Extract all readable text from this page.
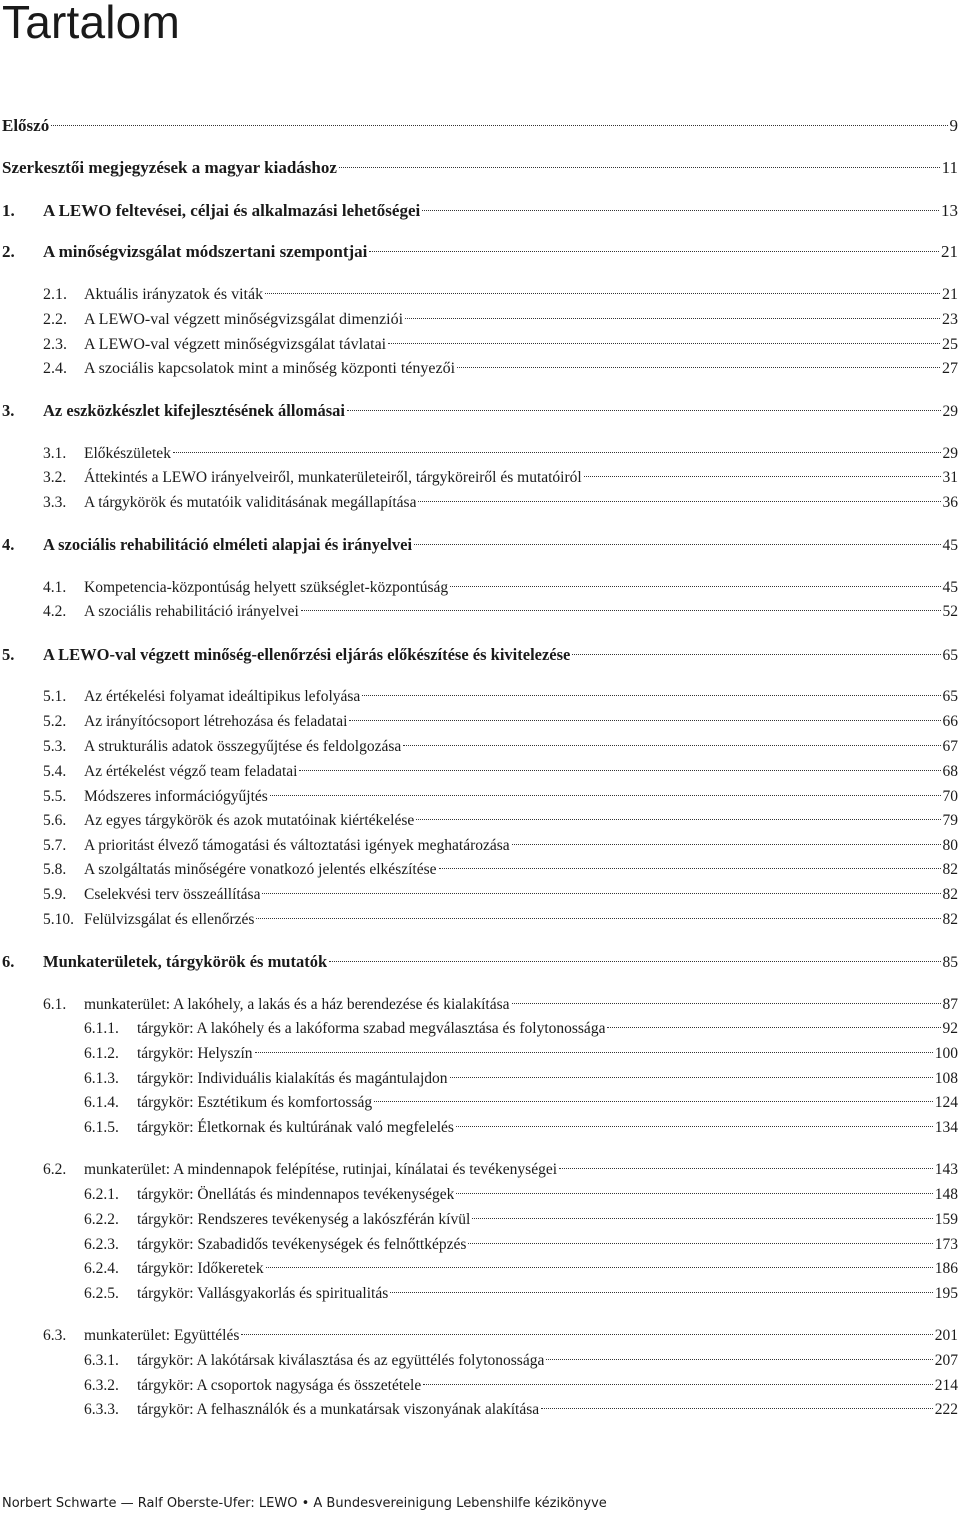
Tartalom
Előszó	9
Szerkesztői megjegyzések a magyar kiadáshoz	11
1.	A LEWO feltevései, céljai és alkalmazási lehetőségei	13
2.	A minőségvizsgálat módszertani szempontjai	21
2.1.	Aktuális irányzatok és viták	21
2.2.	A LEWO-val végzett minőségvizsgálat dimenziói	23
2.3.	A LEWO-val végzett minőségvizsgálat távlatai	25
2.4.	A szociális kapcsolatok mint a minőség központi tényezői	27
3.	Az eszközkészlet kifejlesztésének állomásai	29
3.1.	Előkészületek	29
3.2.	Áttekintés a LEWO irányelveiről, munkaterületeiről, tárgyköreiről és mutatóiról	31
3.3.	A tárgykörök és mutatóik validitásának megállapítása	36
4.	A szociális rehabilitáció elméleti alapjai és irányelvei	45
4.1.	Kompetencia-központúság helyett szükséglet-központúság	45
4.2.	A szociális rehabilitáció irányelvei	52
5.	A LEWO-val végzett minőség-ellenőrzési eljárás előkészítése és kivitelezése	65
5.1.	Az értékelési folyamat ideáltipikus lefolyása	65
5.2.	Az irányítócsoport létrehozása és feladatai	66
5.3.	A strukturális adatok összegyűjtése és feldolgozása	67
5.4.	Az értékelést végző team feladatai	68
5.5.	Módszeres információgyűjtés	70
5.6.	Az egyes tárgykörök és azok mutatóinak kiértékelése	79
5.7.	A prioritást élvező támogatási és változtatási igények meghatározása	80
5.8.	A szolgáltatás minőségére vonatkozó jelentés elkészítése	82
5.9.	Cselekvési terv összeállítása	82
5.10. Felülvizsgálat és ellenőrzés	82
6.	Munkaterületek, tárgykörök és mutatók	85
6.1.	munkaterület: A lakóhely, a lakás és a ház berendezése és kialakítása	87
6.1.1.	tárgykör: A lakóhely és a lakóforma szabad megválasztása és folytonossága	92
6.1.2.	tárgykör: Helyszín	100
6.1.3.	tárgykör: Individuális kialakítás és magántulajdon	108
6.1.4.	tárgykör: Esztétikum és komfortosság	124
6.1.5.	tárgykör: Életkornak és kultúrának való megfelelés	134
6.2.	munkaterület: A mindennapok felépítése, rutinjai, kínálatai és tevékenységei	143
6.2.1.	tárgykör: Önellátás és mindennapos tevékenységek	148
6.2.2.	tárgykör: Rendszeres tevékenység a lakószférán kívül	159
6.2.3.	tárgykör: Szabadidős tevékenységek és felnőttképzés	173
6.2.4.	tárgykör: Időkeretek	186
6.2.5.	tárgykör: Vallásgyakorlás és spiritualitás	195
6.3.	munkaterület: Együttélés	201
6.3.1.	tárgykör: A lakótársak kiválasztása és az együttélés folytonossága	207
6.3.2.	tárgykör: A csoportok nagysága és összetétele	214
6.3.3.	tárgykör: A felhasználók és a munkatársak viszonyának alakítása	222
Norbert Schwarte — Ralf Oberste-Ufer: LEWO • A Bundesvereinigung Lebenshilfe kézikönyve
